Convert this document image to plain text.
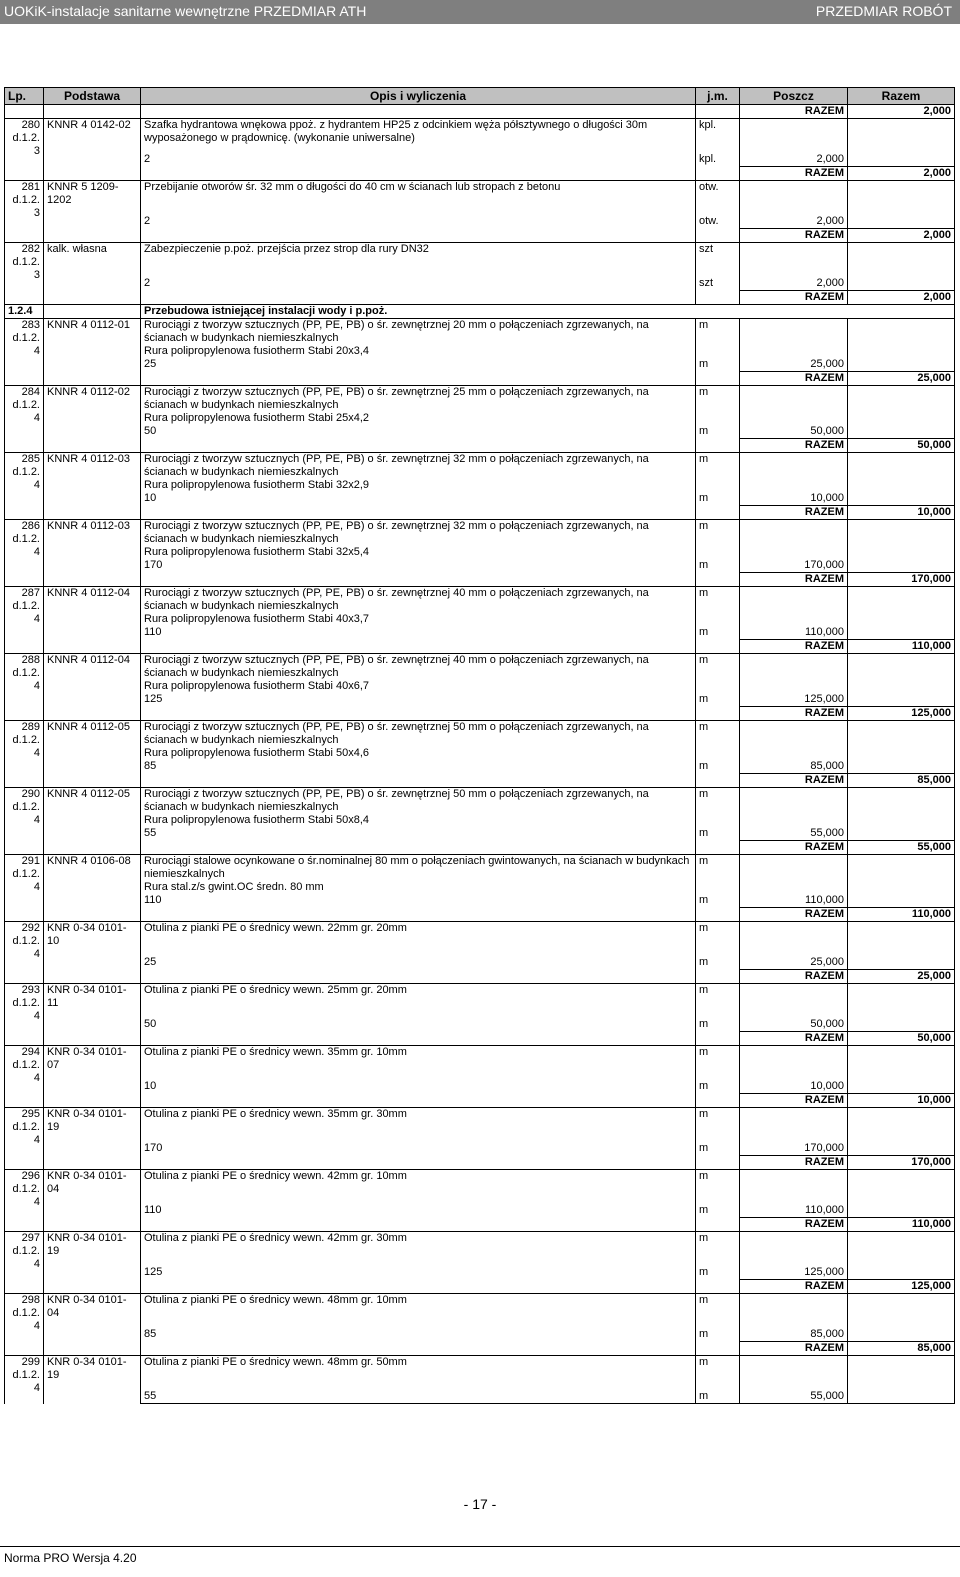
UOKiK-instalacje sanitarne wewnętrzne PRZEDMIAR ATH	PRZEDMIAR ROBÓT
Lp.	Podstawa	Opis i wyliczenia	j.m.	Poszcz	Razem
				RAZEM	2,000
280 d.1.2. 3	KNNR 4 0142-02	Szafka hydrantowa wnękowa ppoż. z hydrantem HP25 z odcinkiem węża półsztywnego o długości 30m wyposażonego w prądownicę. (wykonanie uniwersalne)	kpl.		
		2	kpl.	2,000	
				RAZEM	2,000
281 d.1.2. 3	KNNR 5 1209-1202	Przebijanie otworów śr. 32 mm o długości do 40 cm w ścianach lub stropach z betonu	otw.		
		2	otw.	2,000	
				RAZEM	2,000
282 d.1.2. 3	kalk. własna	Zabezpieczenie p.poż. przejścia przez strop dla rury DN32	szt		
		2	szt	2,000	
				RAZEM	2,000
1.2.4		Przebudowa istniejącej instalacji wody i p.poż.			
283 d.1.2. 4	KNNR 4 0112-01	Rurociągi z tworzyw sztucznych (PP, PE, PB) o śr. zewnętrznej 20 mm o połączeniach zgrzewanych, na ścianach w budynkach niemieszkalnych	m		
		Rura polipropylenowa fusiotherm Stabi 20x3,4			
		25	m	25,000	
				RAZEM	25,000
284 d.1.2. 4	KNNR 4 0112-02	Rurociągi z tworzyw sztucznych (PP, PE, PB) o śr. zewnętrznej 25 mm o połączeniach zgrzewanych, na ścianach w budynkach niemieszkalnych	m		
		Rura polipropylenowa fusiotherm Stabi 25x4,2			
		50	m	50,000	
				RAZEM	50,000
285 d.1.2. 4	KNNR 4 0112-03	Rurociągi z tworzyw sztucznych (PP, PE, PB) o śr. zewnętrznej 32 mm o połączeniach zgrzewanych, na ścianach w budynkach niemieszkalnych	m		
		Rura polipropylenowa fusiotherm Stabi 32x2,9			
		10	m	10,000	
				RAZEM	10,000
286 d.1.2. 4	KNNR 4 0112-03	Rurociągi z tworzyw sztucznych (PP, PE, PB) o śr. zewnętrznej 32 mm o połączeniach zgrzewanych, na ścianach w budynkach niemieszkalnych	m		
		Rura polipropylenowa fusiotherm Stabi 32x5,4			
		170	m	170,000	
				RAZEM	170,000
287 d.1.2. 4	KNNR 4 0112-04	Rurociągi z tworzyw sztucznych (PP, PE, PB) o śr. zewnętrznej 40 mm o połączeniach zgrzewanych, na ścianach w budynkach niemieszkalnych	m		
		Rura polipropylenowa fusiotherm Stabi 40x3,7			
		110	m	110,000	
				RAZEM	110,000
288 d.1.2. 4	KNNR 4 0112-04	Rurociągi z tworzyw sztucznych (PP, PE, PB) o śr. zewnętrznej 40 mm o połączeniach zgrzewanych, na ścianach w budynkach niemieszkalnych	m		
		Rura polipropylenowa fusiotherm Stabi 40x6,7			
		125	m	125,000	
				RAZEM	125,000
289 d.1.2. 4	KNNR 4 0112-05	Rurociągi z tworzyw sztucznych (PP, PE, PB) o śr. zewnętrznej 50 mm o połączeniach zgrzewanych, na ścianach w budynkach niemieszkalnych	m		
		Rura polipropylenowa fusiotherm Stabi 50x4,6			
		85	m	85,000	
				RAZEM	85,000
290 d.1.2. 4	KNNR 4 0112-05	Rurociągi z tworzyw sztucznych (PP, PE, PB) o śr. zewnętrznej 50 mm o połączeniach zgrzewanych, na ścianach w budynkach niemieszkalnych	m		
		Rura polipropylenowa fusiotherm Stabi 50x8,4			
		55	m	55,000	
				RAZEM	55,000
291 d.1.2. 4	KNNR 4 0106-08	Rurociągi stalowe ocynkowane o śr.nominalnej 80 mm o połączeniach gwintowanych, na ścianach w budynkach niemieszkalnych	m		
		Rura stal.z/s gwint.OC średn. 80 mm			
		110	m	110,000	
				RAZEM	110,000
292 d.1.2. 4	KNR 0-34 0101-10	Otulina z pianki PE o średnicy wewn. 22mm gr. 20mm	m		
		25	m	25,000	
				RAZEM	25,000
293 d.1.2. 4	KNR 0-34 0101-11	Otulina z pianki PE o średnicy wewn. 25mm gr. 20mm	m		
		50	m	50,000	
				RAZEM	50,000
294 d.1.2. 4	KNR 0-34 0101-07	Otulina z pianki PE o średnicy wewn. 35mm gr. 10mm	m		
		10	m	10,000	
				RAZEM	10,000
295 d.1.2. 4	KNR 0-34 0101-19	Otulina z pianki PE o średnicy wewn. 35mm gr. 30mm	m		
		170	m	170,000	
				RAZEM	170,000
296 d.1.2. 4	KNR 0-34 0101-04	Otulina z pianki PE o średnicy wewn. 42mm gr. 10mm	m		
		110	m	110,000	
				RAZEM	110,000
297 d.1.2. 4	KNR 0-34 0101-19	Otulina z pianki PE o średnicy wewn. 42mm gr. 30mm	m		
		125	m	125,000	
				RAZEM	125,000
298 d.1.2. 4	KNR 0-34 0101-04	Otulina z pianki PE o średnicy wewn. 48mm gr. 10mm	m		
		85	m	85,000	
				RAZEM	85,000
299 d.1.2. 4	KNR 0-34 0101-19	Otulina z pianki PE o średnicy wewn. 48mm gr. 50mm	m		
		55	m	55,000	
- 17 -
Norma PRO Wersja 4.20
